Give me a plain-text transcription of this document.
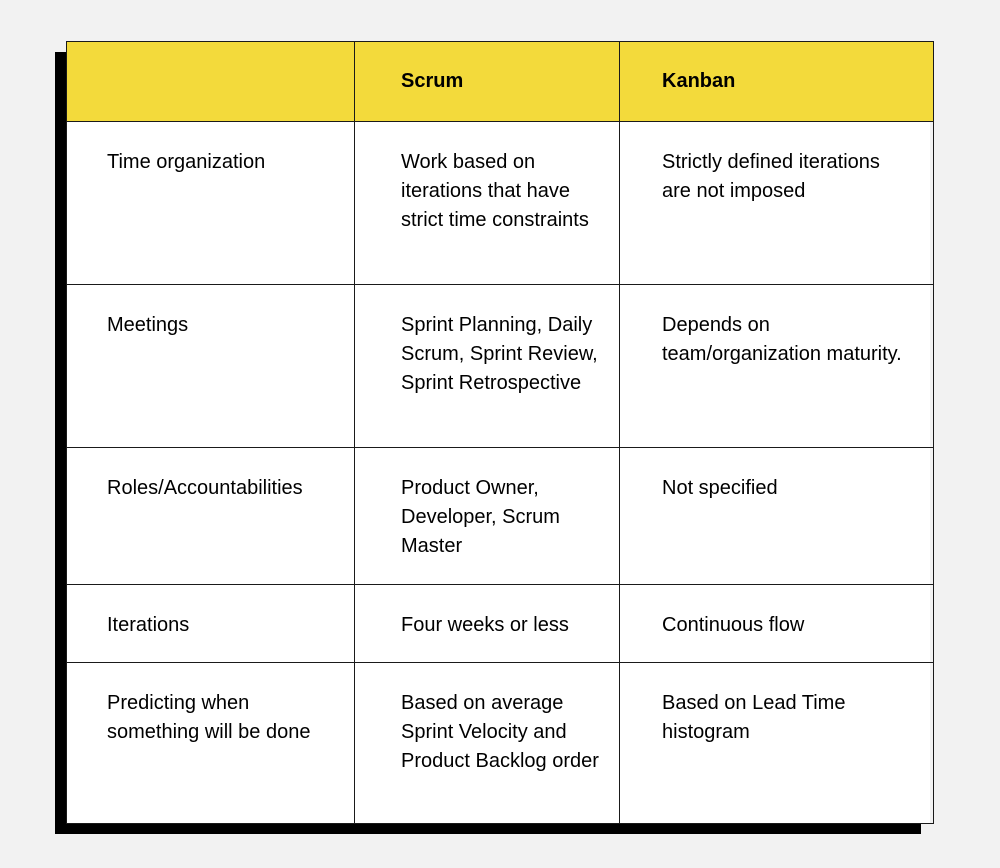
	Scrum	Kanban

Time organization	Work based on iterations that have strict time constraints	Strictly defined iterations are not imposed

Meetings	Sprint Planning, Daily Scrum, Sprint Review, Sprint Retrospective	Depends on team/organization maturity.

Roles/Accountabilities	Product Owner, Developer, Scrum Master	Not specified

Iterations	Four weeks or less	Continuous flow

Predicting when something will be done	Based on average Sprint Velocity and Product Backlog order	Based on Lead Time histogram
